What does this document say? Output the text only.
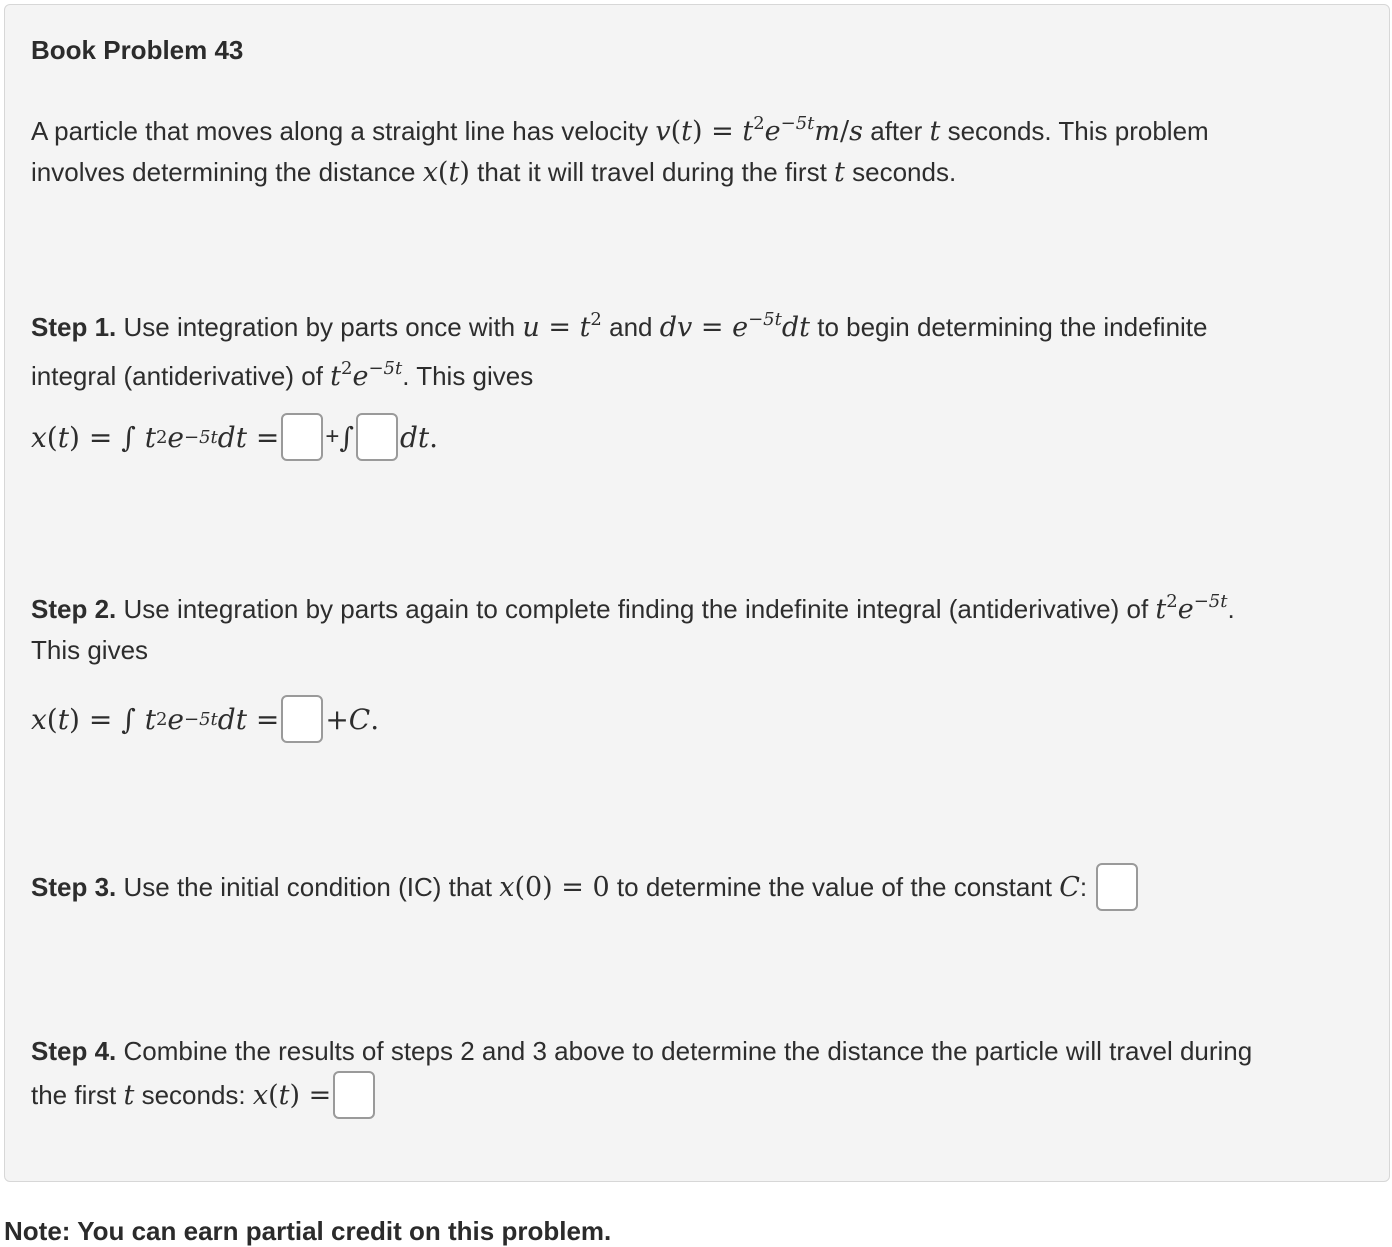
Book Problem 43
A particle that moves along a straight line has velocity $v(t) = t^2e^{-5t}m/s$ after t seconds. This problem
involves determining the distance x(t) that it will travel during the first t seconds.
Step 1. Use integration by parts once with $u = t^2$ and dv = $e^{-5t}dt$ to begin determining the indefinite
integral (antiderivative) of $t^2e^{-5t}$. This gives
x ( t ) = ∫
t 2 e −5t dt = + ∫ dt .
Step 2. Use integration by parts again to complete finding the indefinite integral (antiderivative) of $t^2e^{-5t}$.
This gives
x ( t ) = ∫
t 2 e −5t dt =
+ C .
Step 3.
Use the initial condition (IC) that
x (0) = 0
to determine the value of the constant
C :
Step 4. Combine the results of steps 2 and 3 above to determine the distance the particle will travel during
the first
t
seconds:
x ( t ) =
Note: You can earn partial credit on this problem.
